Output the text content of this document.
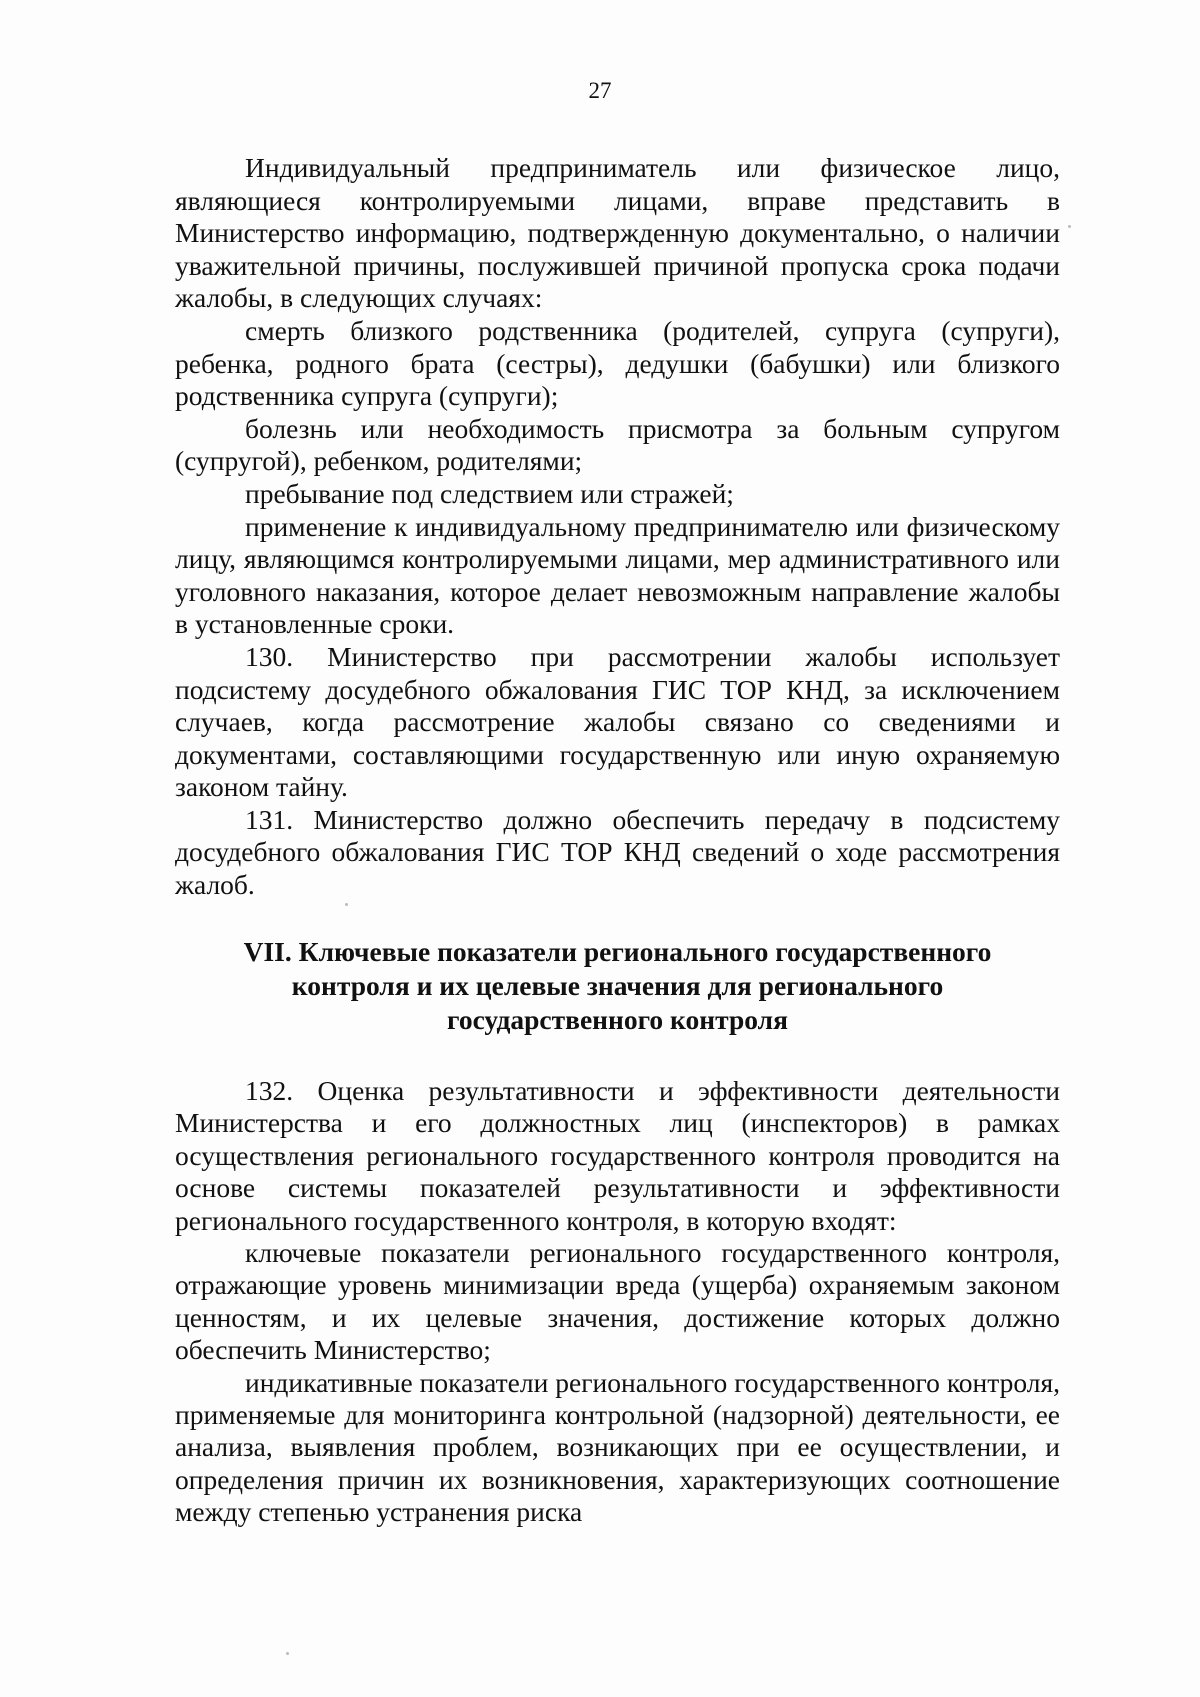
27

Индивидуальный предприниматель или физическое лицо, являющиеся контролируемыми лицами, вправе представить в Министерство информацию, подтвержденную документально, о наличии уважительной причины, послужившей причиной пропуска срока подачи жалобы, в следующих случаях:

смерть близкого родственника (родителей, супруга (супруги), ребенка, родного брата (сестры), дедушки (бабушки) или близкого родственника супруга (супруги);

болезнь или необходимость присмотра за больным супругом (супругой), ребенком, родителями;

пребывание под следствием или стражей;

применение к индивидуальному предпринимателю или физическому лицу, являющимся контролируемыми лицами, мер административного или уголовного наказания, которое делает невозможным направление жалобы в установленные сроки.

130. Министерство при рассмотрении жалобы использует подсистему досудебного обжалования ГИС ТОР КНД, за исключением случаев, когда рассмотрение жалобы связано со сведениями и документами, составляющими государственную или иную охраняемую законом тайну.

131. Министерство должно обеспечить передачу в подсистему досудебного обжалования ГИС ТОР КНД сведений о ходе рассмотрения жалоб.

VII. Ключевые показатели регионального государственного
контроля и их целевые значения для регионального
государственного контроля

132. Оценка результативности и эффективности деятельности Министерства и его должностных лиц (инспекторов) в рамках осуществления регионального государственного контроля проводится на основе системы показателей результативности и эффективности регионального государственного контроля, в которую входят:

ключевые показатели регионального государственного контроля, отражающие уровень минимизации вреда (ущерба) охраняемым законом ценностям, и их целевые значения, достижение которых должно обеспечить Министерство;

индикативные показатели регионального государственного контроля, применяемые для мониторинга контрольной (надзорной) деятельности, ее анализа, выявления проблем, возникающих при ее осуществлении, и определения причин их возникновения, характеризующих соотношение между степенью устранения риска
